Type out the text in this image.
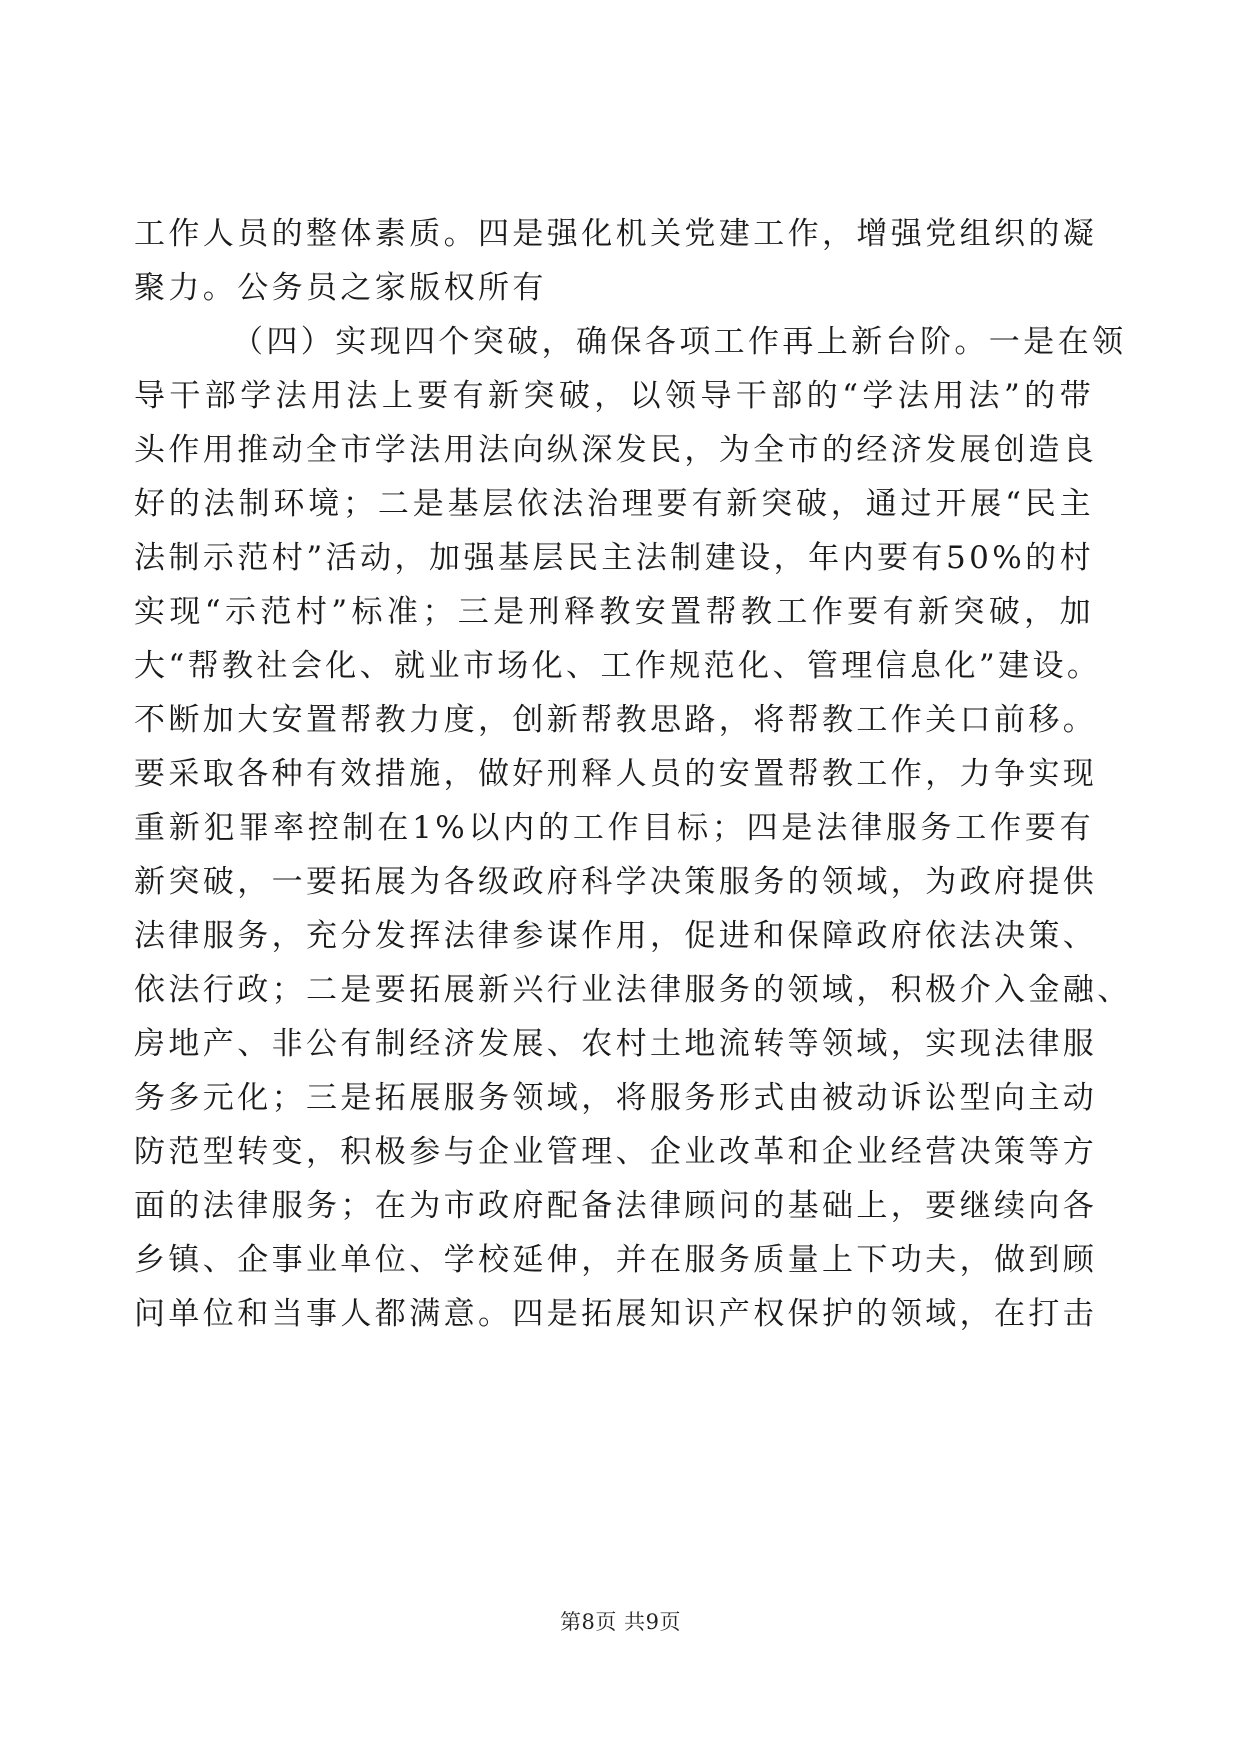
工作人员的整体素质。四是强化机关党建工作，增强党组织的凝
聚力。公务员之家版权所有
（四）实现四个突破，确保各项工作再上新台阶。一是在领
导干部学法用法上要有新突破，以领导干部的“学法用法”的带
头作用推动全市学法用法向纵深发民，为全市的经济发展创造良
好的法制环境；二是基层依法治理要有新突破，通过开展“民主
法制示范村”活动，加强基层民主法制建设，年内要有50%的村
实现“示范村”标准；三是刑释教安置帮教工作要有新突破，加
大“帮教社会化、就业市场化、工作规范化、管理信息化”建设。
不断加大安置帮教力度，创新帮教思路，将帮教工作关口前移。
要采取各种有效措施，做好刑释人员的安置帮教工作，力争实现
重新犯罪率控制在1%以内的工作目标；四是法律服务工作要有
新突破，一要拓展为各级政府科学决策服务的领域，为政府提供
法律服务，充分发挥法律参谋作用，促进和保障政府依法决策、
依法行政；二是要拓展新兴行业法律服务的领域，积极介入金融、
房地产、非公有制经济发展、农村土地流转等领域，实现法律服
务多元化；三是拓展服务领域，将服务形式由被动诉讼型向主动
防范型转变，积极参与企业管理、企业改革和企业经营决策等方
面的法律服务；在为市政府配备法律顾问的基础上，要继续向各
乡镇、企事业单位、学校延伸，并在服务质量上下功夫，做到顾
问单位和当事人都满意。四是拓展知识产权保护的领域，在打击
第8页 共9页
